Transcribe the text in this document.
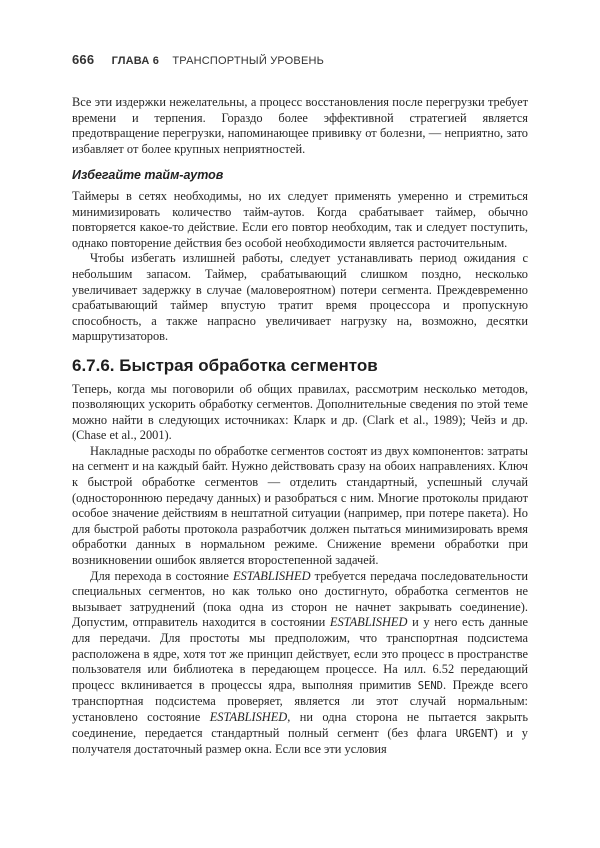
666 ГЛАВА 6 ТРАНСПОРТНЫЙ УРОВЕНЬ

Все эти издержки нежелательны, а процесс восстановления после перегрузки требует времени и терпения. Гораздо более эффективной стратегией является предотвращение перегрузки, напоминающее прививку от болезни, — неприятно, зато избавляет от более крупных неприятностей.

Избегайте тайм-аутов

Таймеры в сетях необходимы, но их следует применять умеренно и стремиться минимизировать количество тайм-аутов. Когда срабатывает таймер, обычно повторяется какое-то действие. Если его повтор необходим, так и следует поступить, однако повторение действия без особой необходимости является расточительным.

Чтобы избегать излишней работы, следует устанавливать период ожидания с небольшим запасом. Таймер, срабатывающий слишком поздно, несколько увеличивает задержку в случае (маловероятном) потери сегмента. Преждевременно срабатывающий таймер впустую тратит время процессора и пропускную способность, а также напрасно увеличивает нагрузку на, возможно, десятки маршрутизаторов.

6.7.6. Быстрая обработка сегментов

Теперь, когда мы поговорили об общих правилах, рассмотрим несколько методов, позволяющих ускорить обработку сегментов. Дополнительные сведения по этой теме можно найти в следующих источниках: Кларк и др. (Clark et al., 1989); Чейз и др. (Chase et al., 2001).

Накладные расходы по обработке сегментов состоят из двух компонентов: затраты на сегмент и на каждый байт. Нужно действовать сразу на обоих направлениях. Ключ к быстрой обработке сегментов — отделить стандартный, успешный случай (одностороннюю передачу данных) и разобраться с ним. Многие протоколы придают особое значение действиям в нештатной ситуации (например, при потере пакета). Но для быстрой работы протокола разработчик должен пытаться минимизировать время обработки данных в нормальном режиме. Снижение времени обработки при возникновении ошибок является второстепенной задачей.

Для перехода в состояние ESTABLISHED требуется передача последовательности специальных сегментов, но как только оно достигнуто, обработка сегментов не вызывает затруднений (пока одна из сторон не начнет закрывать соединение). Допустим, отправитель находится в состоянии ESTABLISHED и у него есть данные для передачи. Для простоты мы предположим, что транспортная подсистема расположена в ядре, хотя тот же принцип действует, если это процесс в пространстве пользователя или библиотека в передающем процессе. На илл. 6.52 передающий процесс вклинивается в процессы ядра, выполняя примитив SEND. Прежде всего транспортная подсистема проверяет, является ли этот случай нормальным: установлено состояние ESTABLISHED, ни одна сторона не пытается закрыть соединение, передается стандартный полный сегмент (без флага URGENT) и у получателя достаточный размер окна. Если все эти условия
